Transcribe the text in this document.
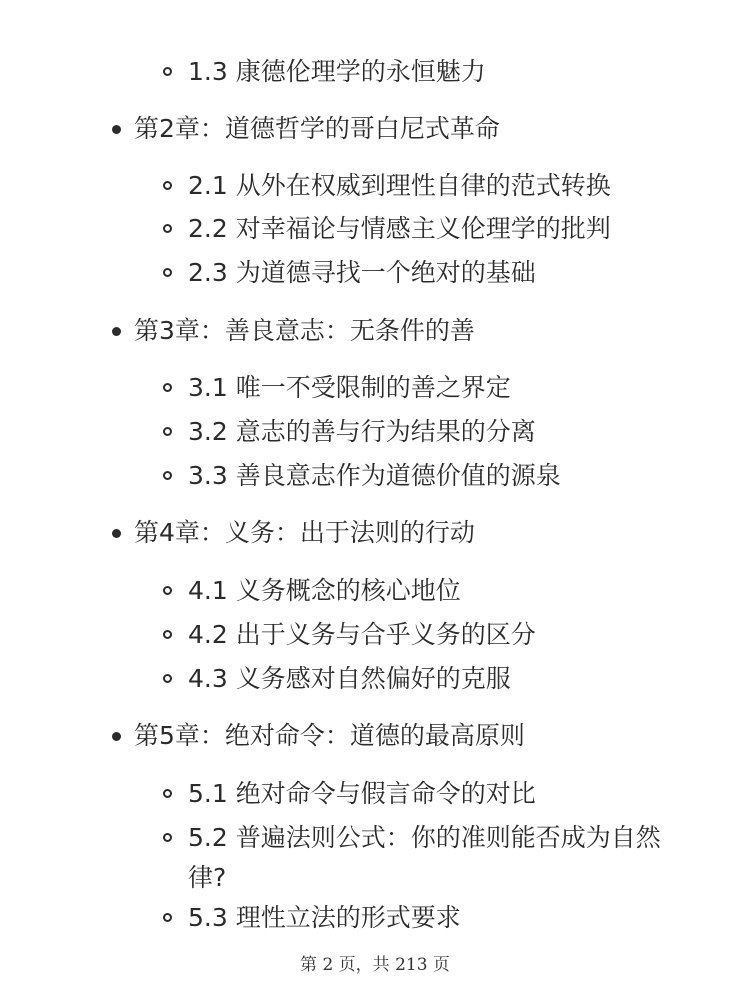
1.3 康德伦理学的永恒魅力
第2章：道德哲学的哥白尼式革命
2.1 从外在权威到理性自律的范式转换
2.2 对幸福论与情感主义伦理学的批判
2.3 为道德寻找一个绝对的基础
第3章：善良意志：无条件的善
3.1 唯一不受限制的善之界定
3.2 意志的善与行为结果的分离
3.3 善良意志作为道德价值的源泉
第4章：义务：出于法则的行动
4.1 义务概念的核心地位
4.2 出于义务与合乎义务的区分
4.3 义务感对自然偏好的克服
第5章：绝对命令：道德的最高原则
5.1 绝对命令与假言命令的对比
5.2 普遍法则公式：你的准则能否成为自然律?
5.3 理性立法的形式要求
第 2 页，共 213 页
